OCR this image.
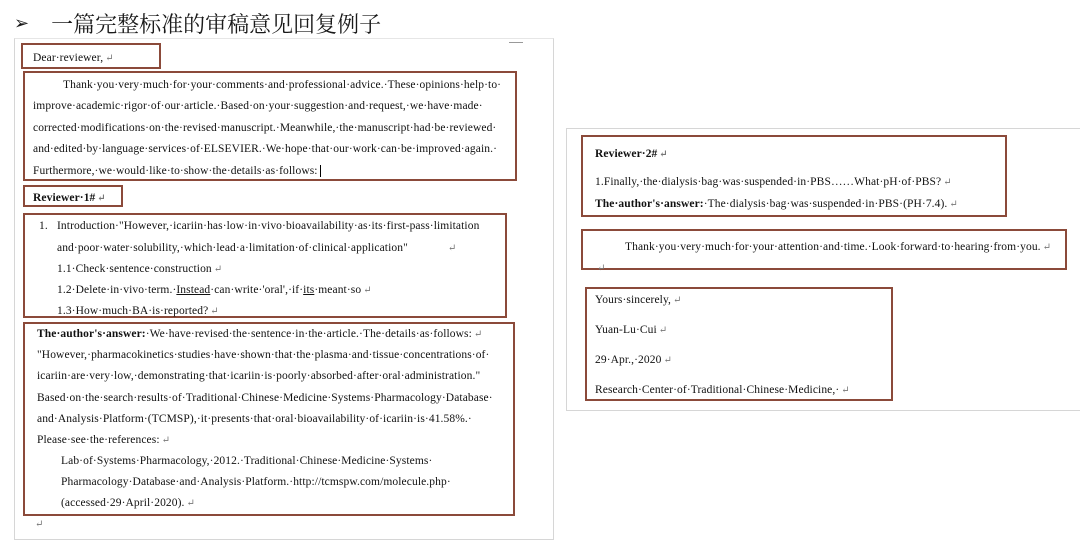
➢ 一篇完整标准的审稿意见回复例子
Dear·reviewer, ↵
Thank·you·very·much·for·your·comments·and·professional·advice.·These·opinions·help·to·
improve·academic·rigor·of·our·article.·Based·on·your·suggestion·and·request,·we·have·made·
corrected·modifications·on·the·revised·manuscript.·Meanwhile,·the·manuscript·had·be·reviewed·
and·edited·by·language·services·of·ELSEVIER.·We·hope·that·our·work·can·be·improved·again.·
Furthermore,·we·would·like·to·show·the·details·as·follows:
Reviewer·1# ↵
1. Introduction·"However,·icariin·has·low·in·vivo·bioavailability·as·its·first-pass·limitation
and·poor·water·solubility,·which·lead·a·limitation·of·clinical·application"	↵
1.1·Check·sentence·construction ↵
1.2·Delete·in·vivo·term.·Instead·can·write·'oral',·if·its·meant·so ↵
1.3·How·much·BA·is·reported? ↵
The·author's·answer:·We·have·revised·the·sentence·in·the·article.·The·details·as·follows: ↵
"However,·pharmacokinetics·studies·have·shown·that·the·plasma·and·tissue·concentrations·of·
icariin·are·very·low,·demonstrating·that·icariin·is·poorly·absorbed·after·oral·administration."
Based·on·the·search·results·of·Traditional·Chinese·Medicine·Systems·Pharmacology·Database·
and·Analysis·Platform·(TCMSP),·it·presents·that·oral·bioavailability·of·icariin·is·41.58%.·
Please·see·the·references: ↵
Lab·of·Systems·Pharmacology,·2012.·Traditional·Chinese·Medicine·Systems·
Pharmacology·Database·and·Analysis·Platform.·http://tcmspw.com/molecule.php·
(accessed·29·April·2020). ↵
↵
Reviewer·2# ↵
1.Finally,·the·dialysis·bag·was·suspended·in·PBS……What·pH·of·PBS? ↵
The·author's·answer:·The·dialysis·bag·was·suspended·in·PBS·(PH·7.4). ↵
Thank·you·very·much·for·your·attention·and·time.·Look·forward·to·hearing·from·you. ↵
↵
Yours·sincerely, ↵
Yuan-Lu·Cui ↵
29·Apr.,·2020 ↵
Research·Center·of·Traditional·Chinese·Medicine,· ↵
